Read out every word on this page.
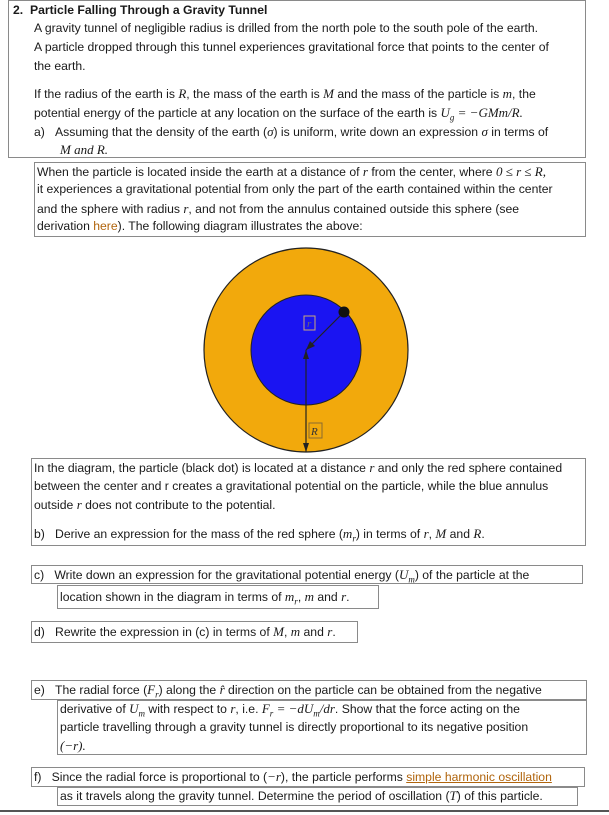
2. Particle Falling Through a Gravity Tunnel
A gravity tunnel of negligible radius is drilled from the north pole to the south pole of the earth.
A particle dropped through this tunnel experiences gravitational force that points to the center of
the earth.
If the radius of the earth is R, the mass of the earth is M and the mass of the particle is m, the
potential energy of the particle at any location on the surface of the earth is $U_g = -GMm/R$.
a) Assuming that the density of the earth (σ) is uniform, write down an expression σ in terms of
M and R.
When the particle is located inside the earth at a distance of r from the center, where 0 ≤ r ≤ R,
it experiences a gravitational potential from only the part of the earth contained within the center
and the sphere with radius r, and not from the annulus contained outside this sphere (see
derivation here). The following diagram illustrates the above:
r
R
In the diagram, the particle (black dot) is located at a distance r and only the red sphere contained
between the center and r creates a gravitational potential on the particle, while the blue annulus
outside r does not contribute to the potential.
b) Derive an expression for the mass of the red sphere $(m_r)$ in terms of r, M and R.
c) Write down an expression for the gravitational potential energy $(U_m)$ of the particle at the
location shown in the diagram in terms of $m_r$, m and r.
d) Rewrite the expression in (c) in terms of M, m and r.
e) The radial force $(F_r)$ along the r̂ direction on the particle can be obtained from the negative
derivative of $U_m$ with respect to r, i.e. $F_r = -dU_m/dr$. Show that the force acting on the
particle travelling through a gravity tunnel is directly proportional to its negative position
(−r).
f) Since the radial force is proportional to (−r), the particle performs simple harmonic oscillation
as it travels along the gravity tunnel. Determine the period of oscillation (T) of this particle.
